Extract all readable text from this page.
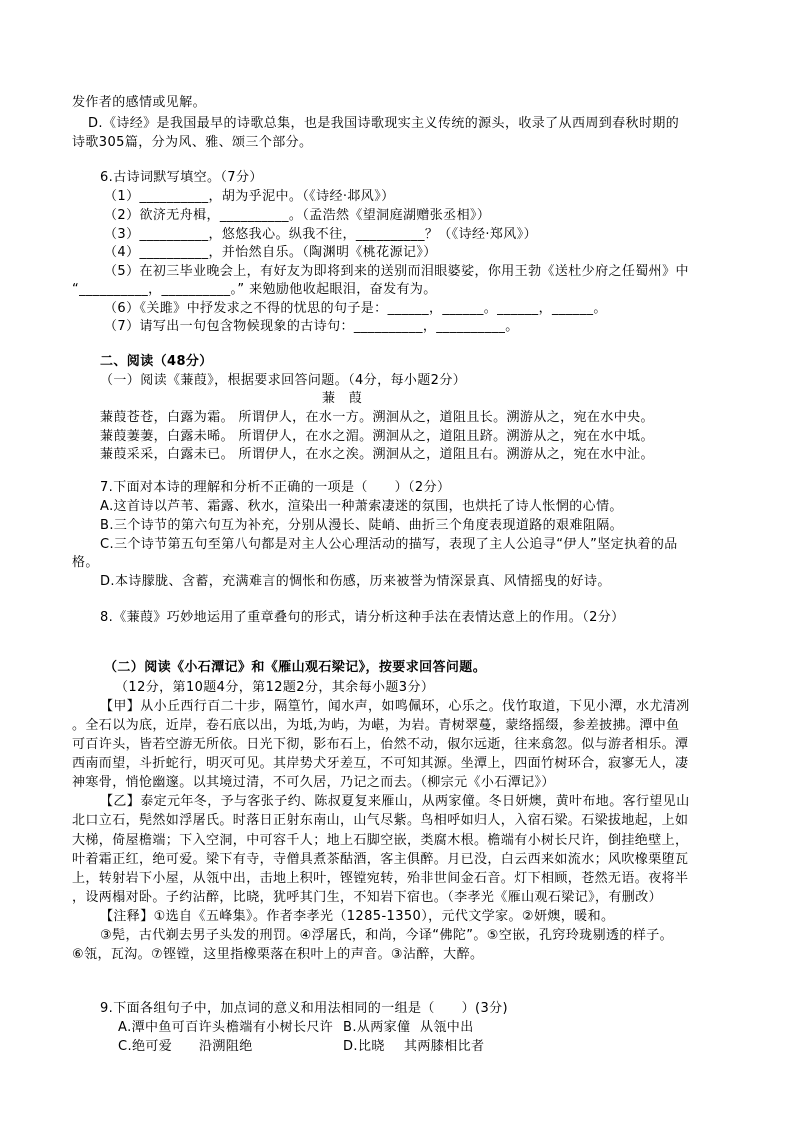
发作者的感情或见解。
D.《诗经》是我国最早的诗歌总集，也是我国诗歌现实主义传统的源头，收录了从西周到春秋时期的
诗歌305篇，分为风、雅、颂三个部分。
6.古诗词默写填空。（7分）
（1）__________，胡为乎泥中。（《诗经·邶风》）
（2）欲济无舟楫，__________。（孟浩然《望洞庭湖赠张丞相》）
（3）__________，悠悠我心。纵我不往，__________？（《诗经·郑风》）
（4）__________，并怡然自乐。（陶渊明《桃花源记》）
（5）在初三毕业晚会上，有好友为即将到来的送别而泪眼婆娑，你用王勃《送杜少府之任蜀州》中
“__________，__________。” 来勉励他收起眼泪，奋发有为。
（6）《关雎》中抒发求之不得的忧思的句子是：______，______。______，______。
（7）请写出一句包含物候现象的古诗句：__________，__________。
二、阅读（48分）
（一）阅读《蒹葭》，根据要求回答问题。（4分，每小题2分）
蒹　葭
蒹葭苍苍，白露为霜。 所谓伊人，在水一方。溯洄从之，道阻且长。溯游从之，宛在水中央。
蒹葭萋萋，白露未晞。 所谓伊人，在水之湄。溯洄从之，道阻且跻。溯游从之，宛在水中坻。
蒹葭采采，白露未已。 所谓伊人，在水之涘。溯洄从之，道阻且右。溯游从之，宛在水中沚。
7.下面对本诗的理解和分析不正确的一项是（　　）（2分）
A.这首诗以芦苇、霜露、秋水，渲染出一种萧索凄迷的氛围，也烘托了诗人怅惘的心情。
B.三个诗节的第六句互为补充，分别从漫长、陡峭、曲折三个角度表现道路的艰难阻隔。
C.三个诗节第五句至第八句都是对主人公心理活动的描写，表现了主人公追寻“伊人”坚定执着的品
格。
D.本诗朦胧、含蓄，充满难言的惆怅和伤感，历来被誉为情深景真、风情摇曳的好诗。
8.《蒹葭》巧妙地运用了重章叠句的形式，请分析这种手法在表情达意上的作用。（2分）
（二）阅读《小石潭记》和《雁山观石梁记》，按要求回答问题。
（12分，第10题4分，第12题2分，其余每小题3分）
【甲】从小丘西行百二十步，隔篁竹，闻水声，如鸣佩环，心乐之。伐竹取道，下见小潭，水尤清冽
。全石以为底，近岸，卷石底以出，为坻,为屿，为嵁，为岩。青树翠蔓，蒙络摇缀，参差披拂。潭中鱼
可百许头，皆若空游无所依。日光下彻，影布石上，佁然不动，俶尔远逝，往来翕忽。似与游者相乐。潭
西南而望，斗折蛇行，明灭可见。其岸势犬牙差互，不可知其源。坐潭上，四面竹树环合，寂寥无人，凄
神寒骨，悄怆幽邃。以其境过清，不可久居，乃记之而去。（柳宗元《小石潭记》）
【乙】泰定元年冬，予与客张子约、陈叔夏复来雁山，从两家僮。冬日妍燠，黄叶布地。客行望见山
北口立石，髡然如浮屠氏。时落日正射东南山，山气尽紫。鸟相呼如归人，入宿石梁。石梁拔地起，上如
大梯，倚屋檐端；下入空洞，中可容千人；地上石脚空嵌，类腐木根。檐端有小树长尺许，倒挂绝壁上，
叶着霜正红，绝可爱。梁下有寺，寺僧具煮茶酤酒，客主俱醉。月已没，白云西来如流水；风吹橡栗堕瓦
上，转射岩下小屋，从瓴中出，击地上积叶，铿镗宛转，殆非世间金石音。灯下相顾，苍然无语。夜将半
，设两榻对卧。子约沾醉，比晓，犹呼其门生，不知岩下宿也。（李孝光《雁山观石梁记》，有删改）
【注释】①选自《五峰集》。作者李孝光（1285-1350），元代文学家。②妍燠，暖和。
③髡，古代剃去男子头发的刑罚。④浮屠氏，和尚，今译“佛陀”。⑤空嵌，孔窍玲珑剔透的样子。
⑥瓴，瓦沟。⑦铿镗，这里指橡栗落在积叶上的声音。③沾醉，大醉。
9.下面各组句子中，加点词的意义和用法相同的一组是（　　）(3分)
A.潭中鱼可百许头 檐端有小树长尺许 B.从两家僮 从瓴中出
C.绝可爱 沿溯阻绝	D.比晓 其两膝相比者
